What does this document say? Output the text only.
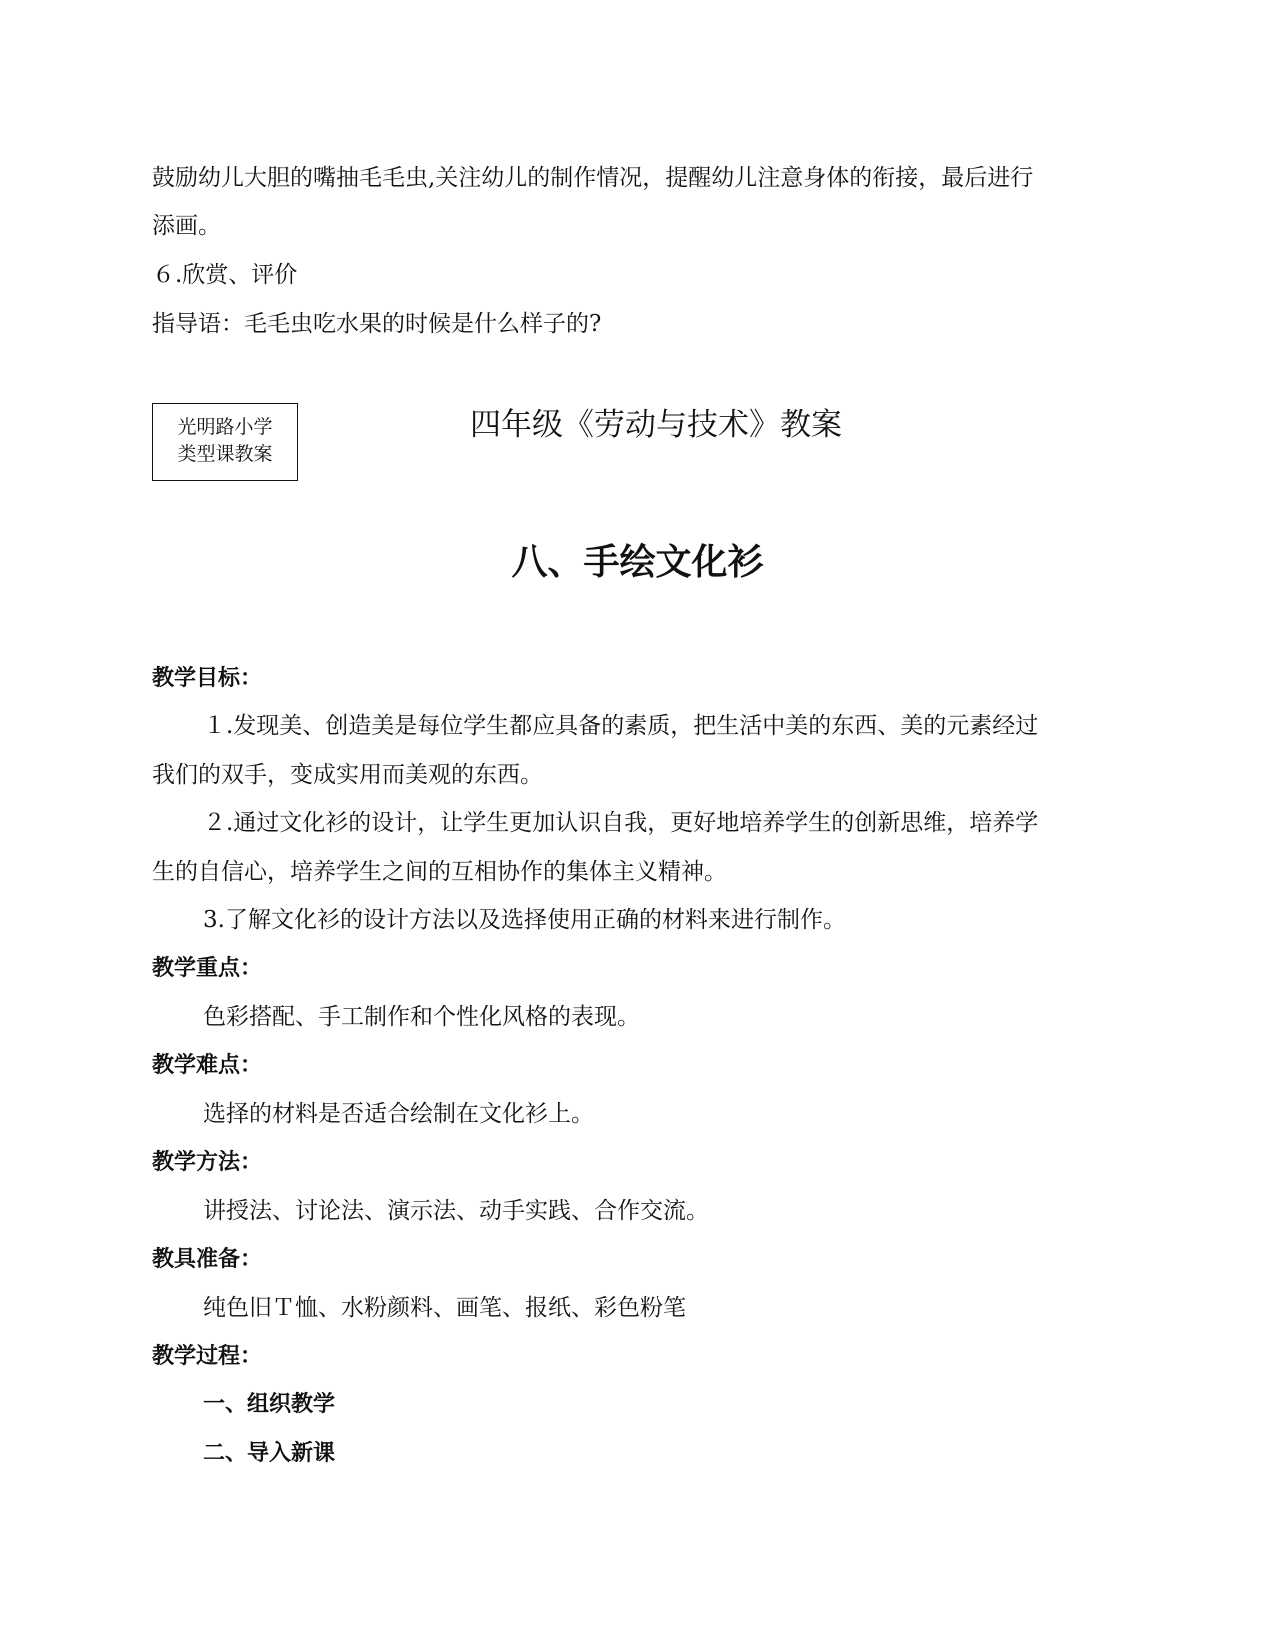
鼓励幼儿大胆的嘴抽毛毛虫,关注幼儿的制作情况，提醒幼儿注意身体的衔接，最后进行
添画。
６.欣赏、评价
指导语：毛毛虫吃水果的时候是什么样子的?
光明路小学
类型课教案
四年级《劳动与技术》教案
八、手绘文化衫
教学目标：
１.发现美、创造美是每位学生都应具备的素质，把生活中美的东西、美的元素经过
我们的双手，变成实用而美观的东西。
２.通过文化衫的设计，让学生更加认识自我，更好地培养学生的创新思维，培养学
生的自信心，培养学生之间的互相协作的集体主义精神。
3.了解文化衫的设计方法以及选择使用正确的材料来进行制作。
教学重点：
色彩搭配、手工制作和个性化风格的表现。
教学难点：
选择的材料是否适合绘制在文化衫上。
教学方法：
讲授法、讨论法、演示法、动手实践、合作交流。
教具准备：
纯色旧Ｔ恤、水粉颜料、画笔、报纸、彩色粉笔
教学过程：
一、组织教学
二、导入新课
